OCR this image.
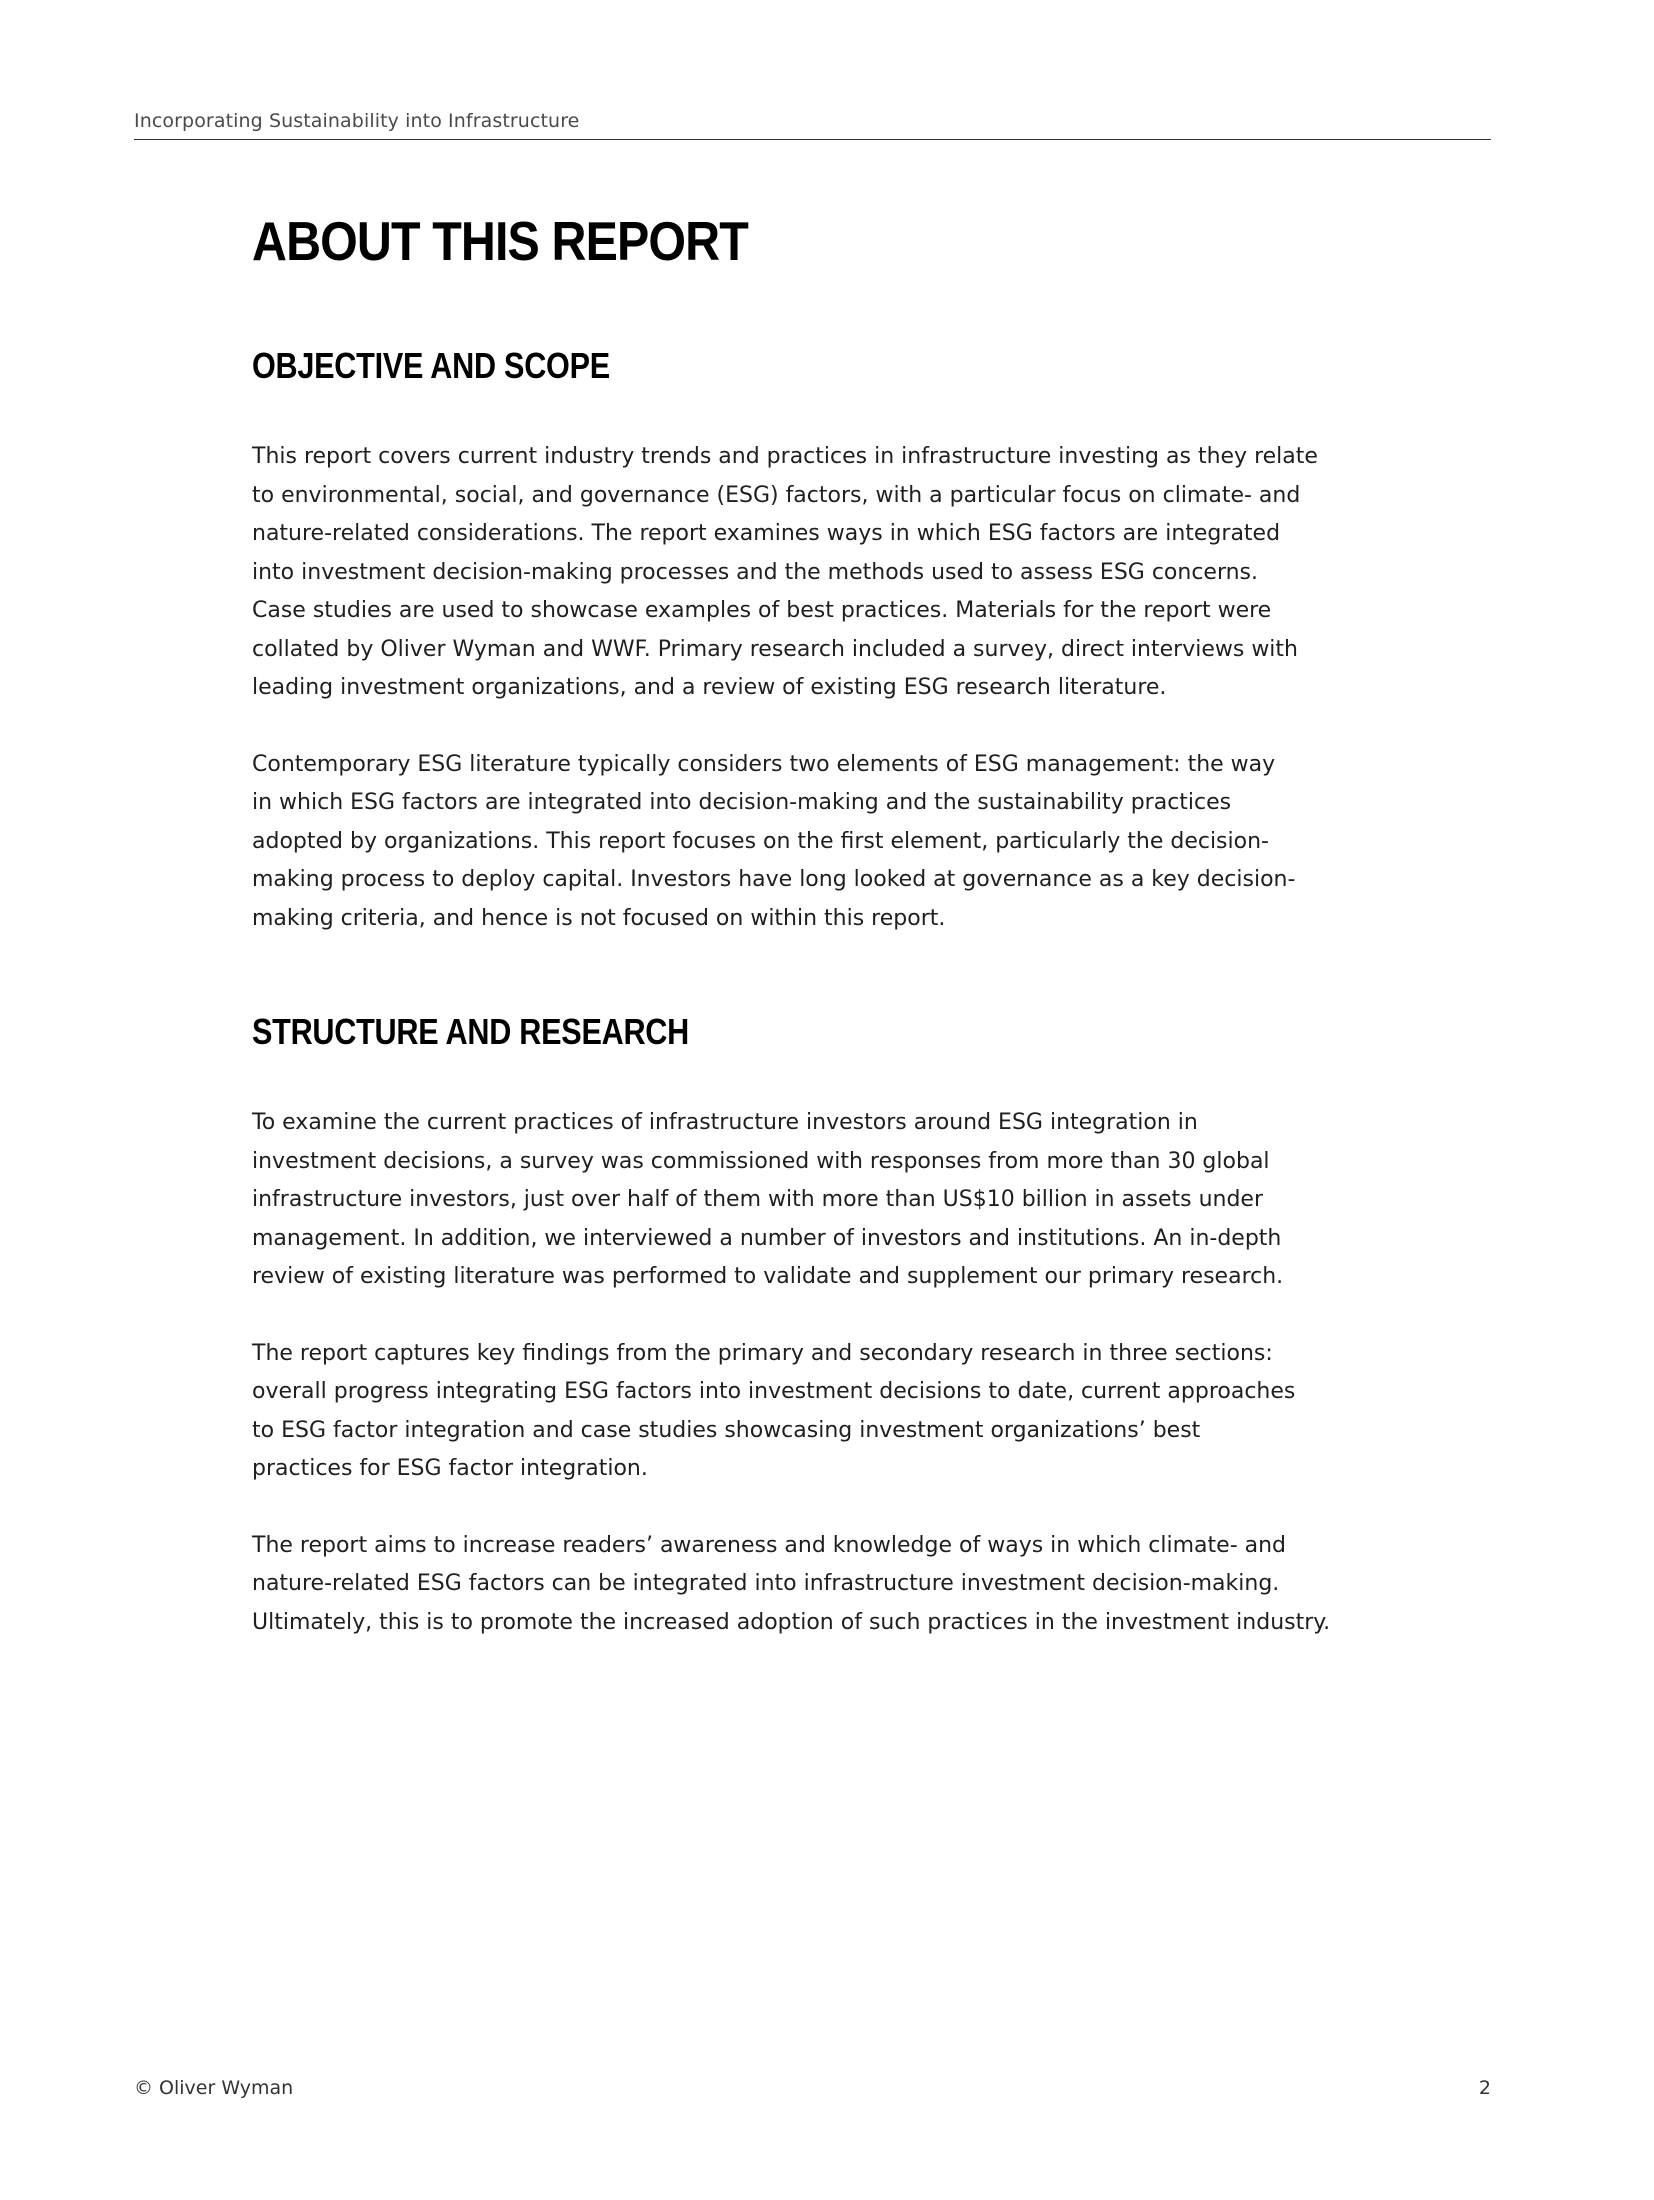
Incorporating Sustainability into Infrastructure
ABOUT THIS REPORT
OBJECTIVE AND SCOPE

This report covers current industry trends and practices in infrastructure investing as they relate
to environmental, social, and governance (ESG) factors, with a particular focus on climate- and
nature-related considerations. The report examines ways in which ESG factors are integrated
into investment decision-making processes and the methods used to assess ESG concerns.
Case studies are used to showcase examples of best practices. Materials for the report were
collated by Oliver Wyman and WWF. Primary research included a survey, direct interviews with
leading investment organizations, and a review of existing ESG research literature.

Contemporary ESG literature typically considers two elements of ESG management: the way
in which ESG factors are integrated into decision-making and the sustainability practices
adopted by organizations. This report focuses on the first element, particularly the decision-
making process to deploy capital. Investors have long looked at governance as a key decision-
making criteria, and hence is not focused on within this report.

STRUCTURE AND RESEARCH

To examine the current practices of infrastructure investors around ESG integration in
investment decisions, a survey was commissioned with responses from more than 30 global
infrastructure investors, just over half of them with more than US$10 billion in assets under
management. In addition, we interviewed a number of investors and institutions. An in-depth
review of existing literature was performed to validate and supplement our primary research.

The report captures key findings from the primary and secondary research in three sections:
overall progress integrating ESG factors into investment decisions to date, current approaches
to ESG factor integration and case studies showcasing investment organizations’ best
practices for ESG factor integration.

The report aims to increase readers’ awareness and knowledge of ways in which climate- and
nature-related ESG factors can be integrated into infrastructure investment decision-making.
Ultimately, this is to promote the increased adoption of such practices in the investment industry.

© Oliver Wyman	2
